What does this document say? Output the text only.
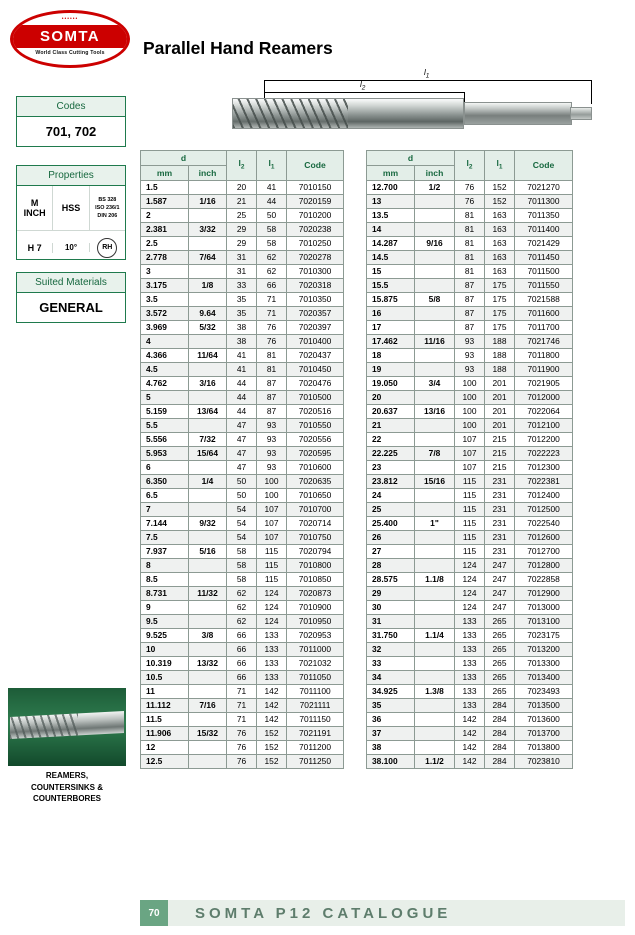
••••••
SOMTA
World Class Cutting Tools	Parallel Hand Reamers
Codes
701, 702
Properties
M
INCH	HSS
BS 328
ISO 236/1
DIN 206
H 7	10°	RH
Suited Materials
GENERAL
REAMERS,
COUNTERSINKS &
COUNTERBORES
$l_1$
$l_2$
d		$l_2$	$l_1$	Code
mm	inch			
1.5		20	41	7010150
1.587	1/16	21	44	7020159
2		25	50	7010200
2.381	3/32	29	58	7020238
2.5		29	58	7010250
2.778	7/64	31	62	7020278
3		31	62	7010300
3.175	1/8	33	66	7020318
3.5		35	71	7010350
3.572	9.64	35	71	7020357
3.969	5/32	38	76	7020397
4		38	76	7010400
4.366	11/64	41	81	7020437
4.5		41	81	7010450
4.762	3/16	44	87	7020476
5		44	87	7010500
5.159	13/64	44	87	7020516
5.5		47	93	7010550
5.556	7/32	47	93	7020556
5.953	15/64	47	93	7020595
6		47	93	7010600
6.350	1/4	50	100	7020635
6.5		50	100	7010650
7		54	107	7010700
7.144	9/32	54	107	7020714
7.5		54	107	7010750
7.937	5/16	58	115	7020794
8		58	115	7010800
8.5		58	115	7010850
8.731	11/32	62	124	7020873
9		62	124	7010900
9.5		62	124	7010950
9.525	3/8	66	133	7020953
10		66	133	7011000
10.319	13/32	66	133	7021032
10.5		66	133	7011050
11		71	142	7011100
11.112	7/16	71	142	7021111
11.5		71	142	7011150
11.906	15/32	76	152	7021191
12		76	152	7011200
12.5		76	152	7011250
d		$l_2$	$l_1$	Code
mm	inch			
12.700	1/2	76	152	7021270
13		76	152	7011300
13.5		81	163	7011350
14		81	163	7011400
14.287	9/16	81	163	7021429
14.5		81	163	7011450
15		81	163	7011500
15.5		87	175	7011550
15.875	5/8	87	175	7021588
16		87	175	7011600
17		87	175	7011700
17.462	11/16	93	188	7021746
18		93	188	7011800
19		93	188	7011900
19.050	3/4	100	201	7021905
20		100	201	7012000
20.637	13/16	100	201	7022064
21		100	201	7012100
22		107	215	7012200
22.225	7/8	107	215	7022223
23		107	215	7012300
23.812	15/16	115	231	7022381
24		115	231	7012400
25		115	231	7012500
25.400	1"	115	231	7022540
26		115	231	7012600
27		115	231	7012700
28		124	247	7012800
28.575	1.1/8	124	247	7022858
29		124	247	7012900
30		124	247	7013000
31		133	265	7013100
31.750	1.1/4	133	265	7023175
32		133	265	7013200
33		133	265	7013300
34		133	265	7013400
34.925	1.3/8	133	265	7023493
35		133	284	7013500
36		142	284	7013600
37		142	284	7013700
38		142	284	7013800
38.100	1.1/2	142	284	7023810
70	SOMTA P12 CATALOGUE
